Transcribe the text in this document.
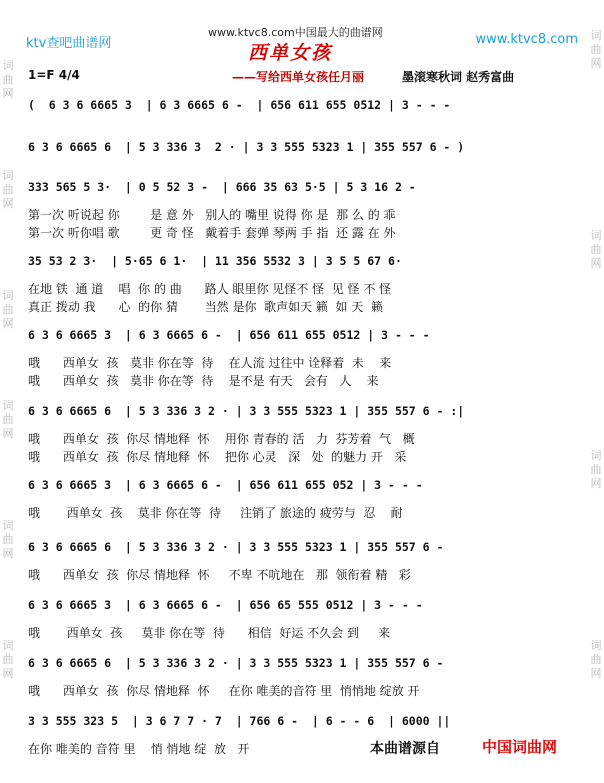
词
曲
网
词
曲
网
词
曲
网
词
曲
网
词
曲
网
词
曲
网
词
曲
网
词
曲
网
词
曲
网
词
曲
网
ktv查吧曲谱网
www.ktvc8.com中国最大的曲谱网	www.ktvc8.com
西单女孩
1=F 4/4	——写给西单女孩任月丽	墨滚寒秋词 赵秀富曲
(  6 3 6 6665 3  | 6 3 6665 6 -  | 656 611 655 0512 | 3 - - -
6 3 6 6665 6  | 5 3 336 3  2 · | 3 3 555 5323 1 | 355 557 6 - )
333 565 5 3·  | 0 5 52 3 -  | 666 35 63 5·5 | 5 3 16 2 -
第一次 听说起 你        是 意 外   别人的 嘴里 说得 你 是  那 么 的 乖
第一次 听你唱 歌        更 奇 怪   戴着手 套弹 琴两 手 指  还 露 在 外
35 53 2 3·  | 5·65 6 1·  | 11 356 5532 3 | 3 5 5 67 6·
在地 铁  通 道    唱  你 的 曲      路人 眼里你 见怪不 怪  见 怪 不 怪
真正 拨动 我      心  的你 猜       当然 是你  歌声如天 籁  如 天  籁
6 3 6 6665 3  | 6 3 6665 6 -  | 656 611 655 0512 | 3 - - -
哦      西单女  孩   莫非 你在等  待    在人流 过往中 诠释着  未    来
哦      西单女  孩   莫非 你在等  待    是不是 有天   会有   人    来
6 3 6 6665 6  | 5 3 336 3 2 · | 3 3 555 5323 1 | 355 557 6 - :|
哦      西单女  孩  你尽 情地释  怀    用你 青春的 活   力  芬芳着  气   概
哦      西单女  孩  你尽 情地释  怀    把你 心灵   深   处  的魅力 开   采
6 3 6 6665 3  | 6 3 6665 6 -  | 656 611 655 052 | 3 - - -
哦       西单女  孩    莫非 你在等  待     注销了 旅途的 疲劳与  忍    耐
6 3 6 6665 6  | 5 3 336 3 2 · | 3 3 555 5323 1 | 355 557 6 -
哦      西单女  孩  你尽 情地释  怀     不卑 不吭地在   那  领衔着 精   彩
6 3 6 6665 3  | 6 3 6665 6 -  | 656 65 555 0512 | 3 - - -
哦       西单女  孩     莫非 你在等  待      相信  好运 不久会 到     来
6 3 6 6665 6  | 5 3 336 3 2 · | 3 3 555 5323 1 | 355 557 6 -
哦      西单女  孩  你尽 情地释  怀     在你 唯美的音符 里  悄悄地 绽放 开
3 3 555 323 5  | 3 6 7 7 · 7  | 766 6 -  | 6 - - 6  | 6000 ||
在你 唯美的 音符 里    悄 悄地 绽  放   开	本曲谱源自	中国词曲网
